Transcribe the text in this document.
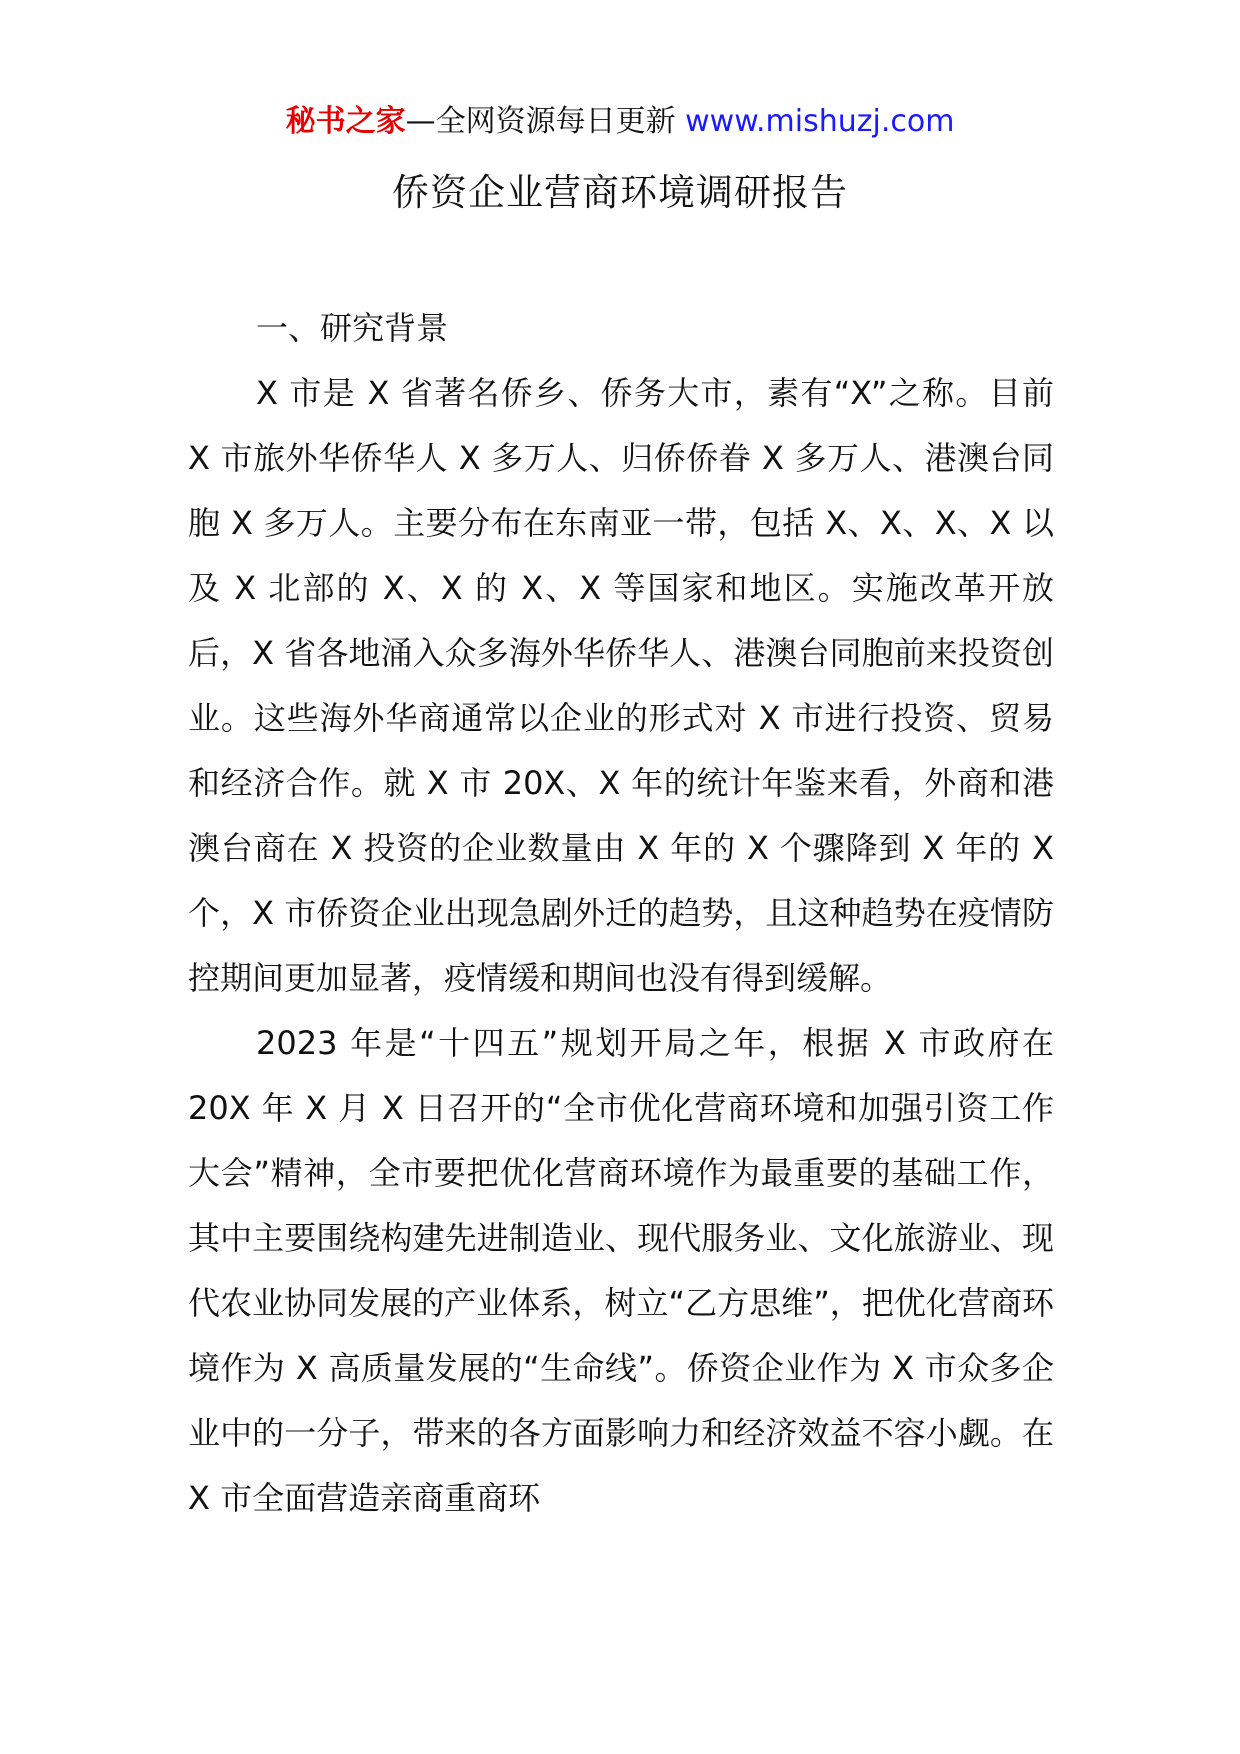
秘书之家—全网资源每日更新 www.mishuzj.com
侨资企业营商环境调研报告
一、研究背景

X 市是 X 省著名侨乡、侨务大市，素有“X”之称。目前 X 市旅外华侨华人 X 多万人、归侨侨眷 X 多万人、港澳台同胞 X 多万人。主要分布在东南亚一带，包括 X、X、X、X 以及 X 北部的 X、X 的 X、X 等国家和地区。实施改革开放后，X 省各地涌入众多海外华侨华人、港澳台同胞前来投资创业。这些海外华商通常以企业的形式对 X 市进行投资、贸易和经济合作。就 X 市 20X、X 年的统计年鉴来看，外商和港澳台商在 X 投资的企业数量由 X 年的 X 个骤降到 X 年的 X 个，X 市侨资企业出现急剧外迁的趋势，且这种趋势在疫情防控期间更加显著，疫情缓和期间也没有得到缓解。

2023 年是“十四五”规划开局之年，根据 X 市政府在 20X 年 X 月 X 日召开的“全市优化营商环境和加强引资工作大会”精神，全市要把优化营商环境作为最重要的基础工作，其中主要围绕构建先进制造业、现代服务业、文化旅游业、现代农业协同发展的产业体系，树立“乙方思维”，把优化营商环境作为 X 高质量发展的“生命线”。侨资企业作为 X 市众多企业中的一分子，带来的各方面影响力和经济效益不容小觑。在 X 市全面营造亲商重商环
